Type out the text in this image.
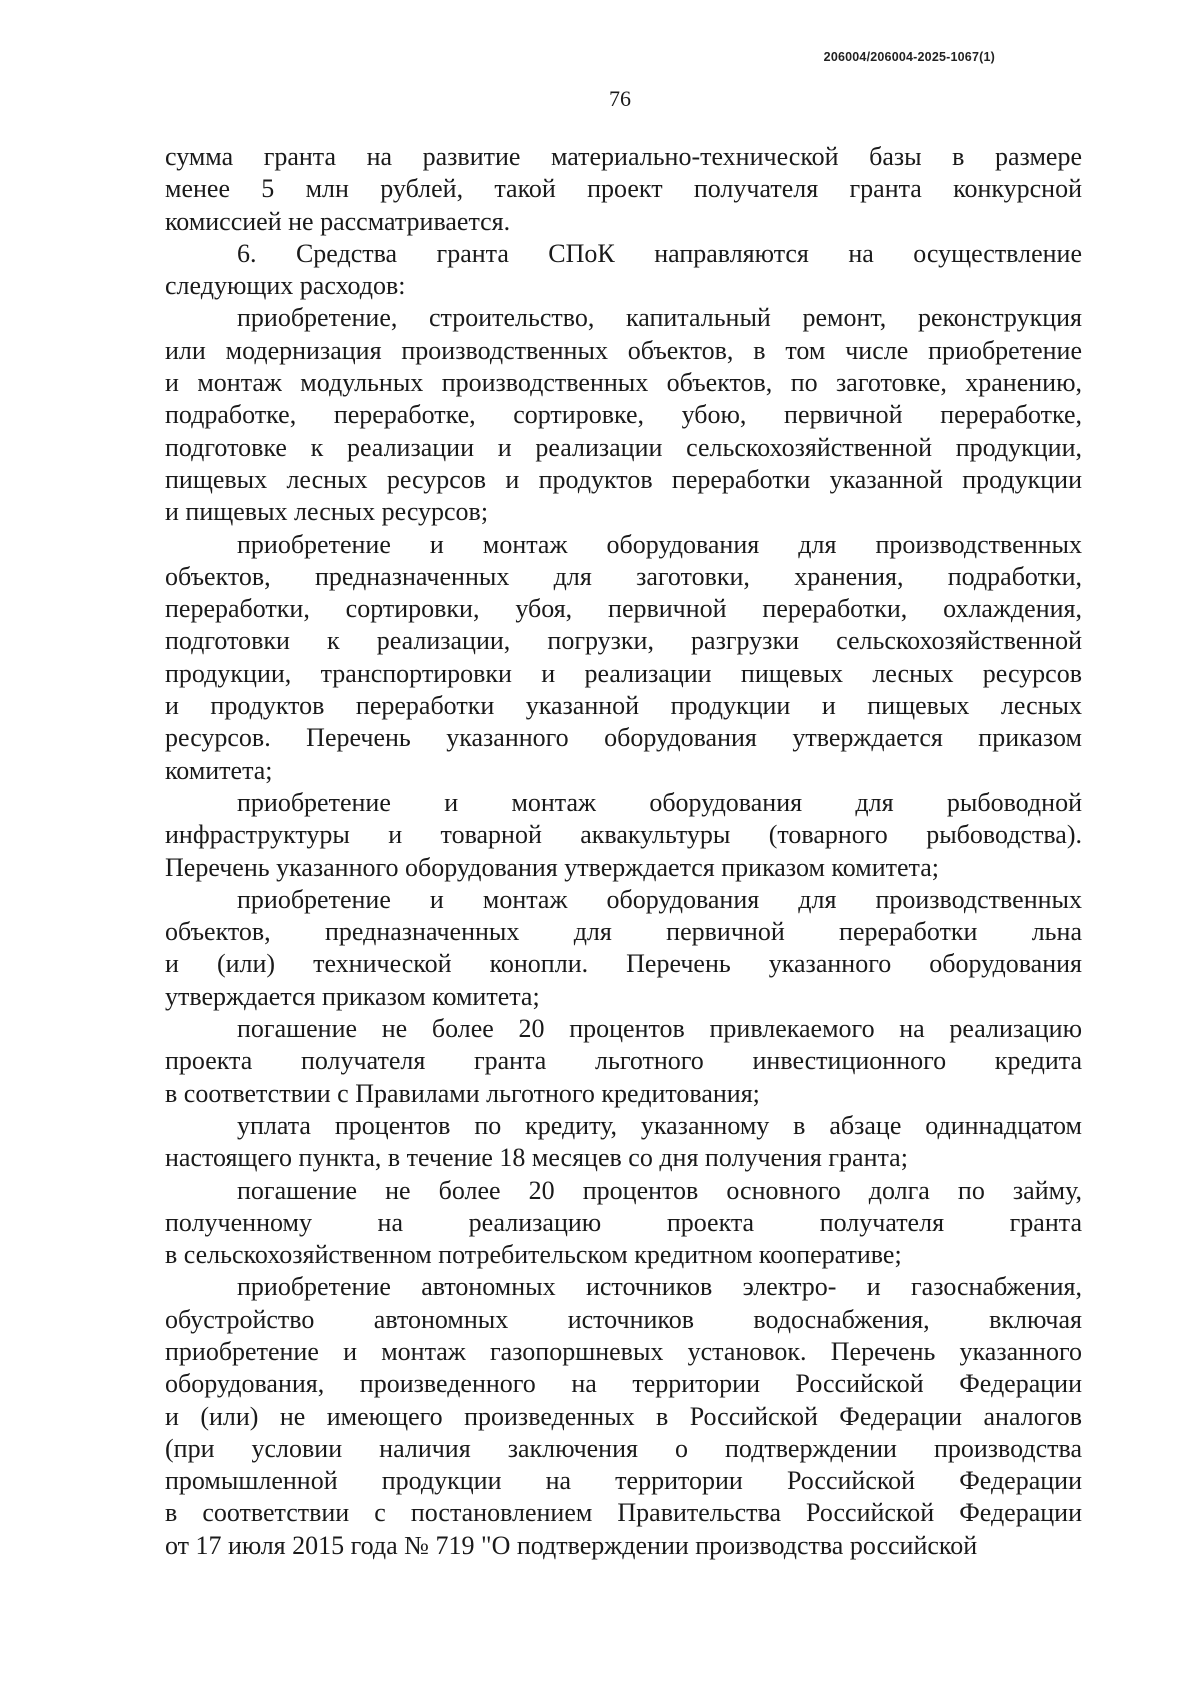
206004/206004-2025-1067(1)
76
сумма гранта на развитие материально-технической базы в размере
менее 5 млн рублей, такой проект получателя гранта конкурсной
комиссией не рассматривается.
6. Средства гранта СПоК направляются на осуществление
следующих расходов:
приобретение, строительство, капитальный ремонт, реконструкция
или модернизация производственных объектов, в том числе приобретение
и монтаж модульных производственных объектов, по заготовке, хранению,
подработке, переработке, сортировке, убою, первичной переработке,
подготовке к реализации и реализации сельскохозяйственной продукции,
пищевых лесных ресурсов и продуктов переработки указанной продукции
и пищевых лесных ресурсов;
приобретение и монтаж оборудования для производственных
объектов, предназначенных для заготовки, хранения, подработки,
переработки, сортировки, убоя, первичной переработки, охлаждения,
подготовки к реализации, погрузки, разгрузки сельскохозяйственной
продукции, транспортировки и реализации пищевых лесных ресурсов
и продуктов переработки указанной продукции и пищевых лесных
ресурсов. Перечень указанного оборудования утверждается приказом
комитета;
приобретение и монтаж оборудования для рыбоводной
инфраструктуры и товарной аквакультуры (товарного рыбоводства).
Перечень указанного оборудования утверждается приказом комитета;
приобретение и монтаж оборудования для производственных
объектов, предназначенных для первичной переработки льна
и (или) технической конопли. Перечень указанного оборудования
утверждается приказом комитета;
погашение не более 20 процентов привлекаемого на реализацию
проекта получателя гранта льготного инвестиционного кредита
в соответствии с Правилами льготного кредитования;
уплата процентов по кредиту, указанному в абзаце одиннадцатом
настоящего пункта, в течение 18 месяцев со дня получения гранта;
погашение не более 20 процентов основного долга по займу,
полученному на реализацию проекта получателя гранта
в сельскохозяйственном потребительском кредитном кооперативе;
приобретение автономных источников электро- и газоснабжения,
обустройство автономных источников водоснабжения, включая
приобретение и монтаж газопоршневых установок. Перечень указанного
оборудования, произведенного на территории Российской Федерации
и (или) не имеющего произведенных в Российской Федерации аналогов
(при условии наличия заключения о подтверждении производства
промышленной продукции на территории Российской Федерации
в соответствии с постановлением Правительства Российской Федерации
от 17 июля 2015 года № 719 "О подтверждении производства российской
